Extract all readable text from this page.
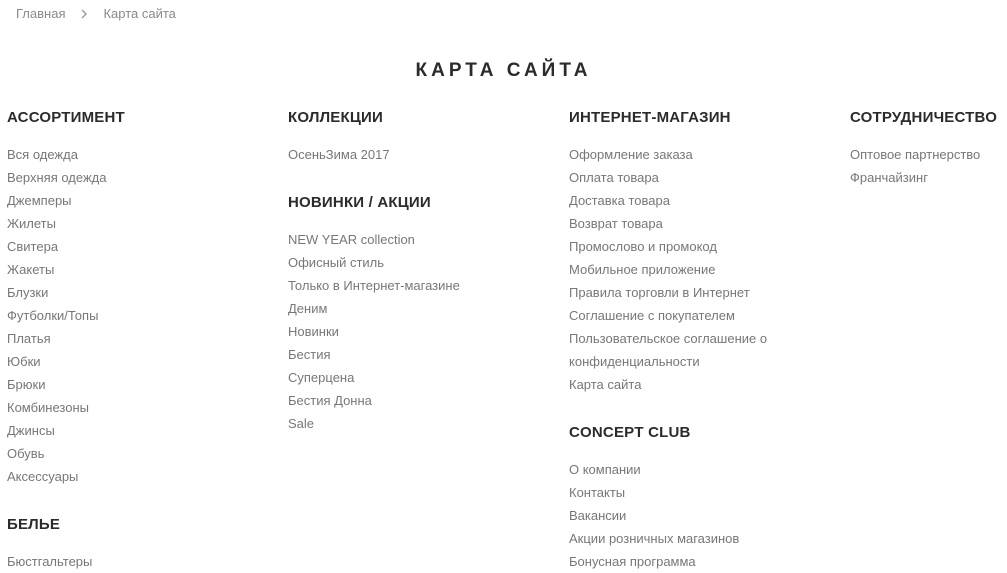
Главная	Карта сайта
КАРТА САЙТА
АССОРТИМЕНТ
Вся одежда
Верхняя одежда
Джемперы
Жилеты
Свитера
Жакеты
Блузки
Футболки/Топы
Платья
Юбки
Брюки
Комбинезоны
Джинсы
Обувь
Аксессуары
БЕЛЬЕ
Бюстгальтеры
КОЛЛЕКЦИИ
ОсеньЗима 2017
НОВИНКИ / АКЦИИ
NEW YEAR collection
Офисный стиль
Только в Интернет-магазине
Деним
Новинки
Бестия
Суперцена
Бестия Донна
Sale
ИНТЕРНЕТ-МАГАЗИН
Оформление заказа
Оплата товара
Доставка товара
Возврат товара
Промослово и промокод
Мобильное приложение
Правила торговли в Интернет
Соглашение с покупателем
Пользовательское соглашение о
конфиденциальности
Карта сайта
CONCEPT CLUB
О компании
Контакты
Вакансии
Акции розничных магазинов
Бонусная программа
СОТРУДНИЧЕСТВО
Оптовое партнерство
Франчайзинг
